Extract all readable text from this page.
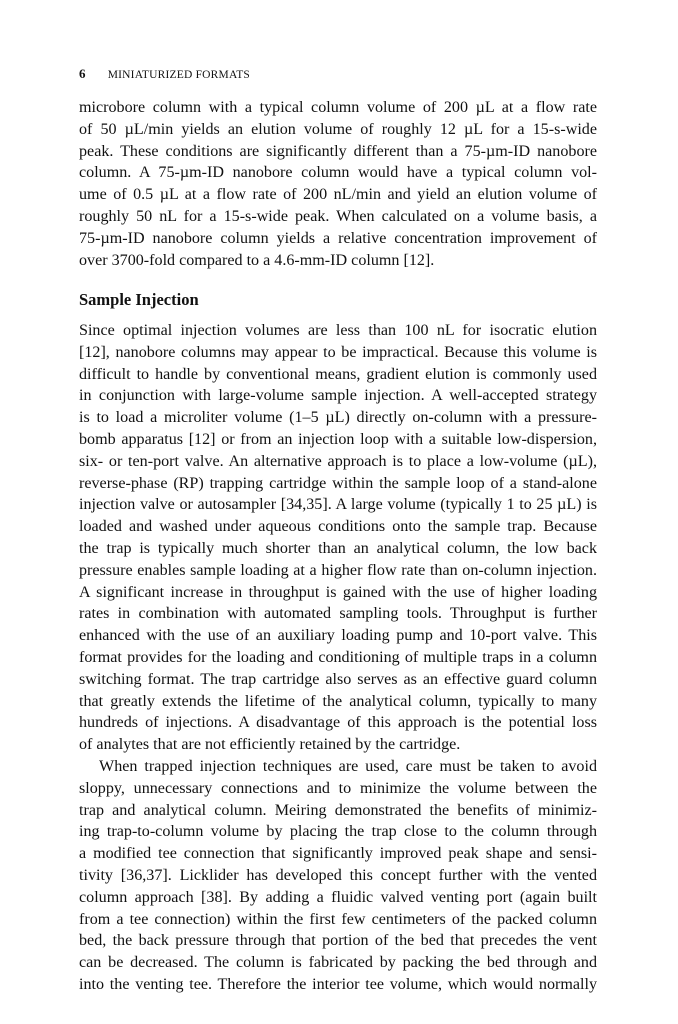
6 MINIATURIZED FORMATS
microbore column with a typical column volume of 200 µL at a flow rate
of 50 µL/min yields an elution volume of roughly 12 µL for a 15-s-wide
peak. These conditions are significantly different than a 75-µm-ID nanobore
column. A 75-µm-ID nanobore column would have a typical column vol-
ume of 0.5 µL at a flow rate of 200 nL/min and yield an elution volume of
roughly 50 nL for a 15-s-wide peak. When calculated on a volume basis, a
75-µm-ID nanobore column yields a relative concentration improvement of
over 3700-fold compared to a 4.6-mm-ID column [12].
Sample Injection
Since optimal injection volumes are less than 100 nL for isocratic elution
[12], nanobore columns may appear to be impractical. Because this volume is
difficult to handle by conventional means, gradient elution is commonly used
in conjunction with large-volume sample injection. A well-accepted strategy
is to load a microliter volume (1–5 µL) directly on-column with a pressure-
bomb apparatus [12] or from an injection loop with a suitable low-dispersion,
six- or ten-port valve. An alternative approach is to place a low-volume (µL),
reverse-phase (RP) trapping cartridge within the sample loop of a stand-alone
injection valve or autosampler [34,35]. A large volume (typically 1 to 25 µL) is
loaded and washed under aqueous conditions onto the sample trap. Because
the trap is typically much shorter than an analytical column, the low back
pressure enables sample loading at a higher flow rate than on-column injection.
A significant increase in throughput is gained with the use of higher loading
rates in combination with automated sampling tools. Throughput is further
enhanced with the use of an auxiliary loading pump and 10-port valve. This
format provides for the loading and conditioning of multiple traps in a column
switching format. The trap cartridge also serves as an effective guard column
that greatly extends the lifetime of the analytical column, typically to many
hundreds of injections. A disadvantage of this approach is the potential loss
of analytes that are not efficiently retained by the cartridge.
When trapped injection techniques are used, care must be taken to avoid
sloppy, unnecessary connections and to minimize the volume between the
trap and analytical column. Meiring demonstrated the benefits of minimiz-
ing trap-to-column volume by placing the trap close to the column through
a modified tee connection that significantly improved peak shape and sensi-
tivity [36,37]. Licklider has developed this concept further with the vented
column approach [38]. By adding a fluidic valved venting port (again built
from a tee connection) within the first few centimeters of the packed column
bed, the back pressure through that portion of the bed that precedes the vent
can be decreased. The column is fabricated by packing the bed through and
into the venting tee. Therefore the interior tee volume, which would normally
